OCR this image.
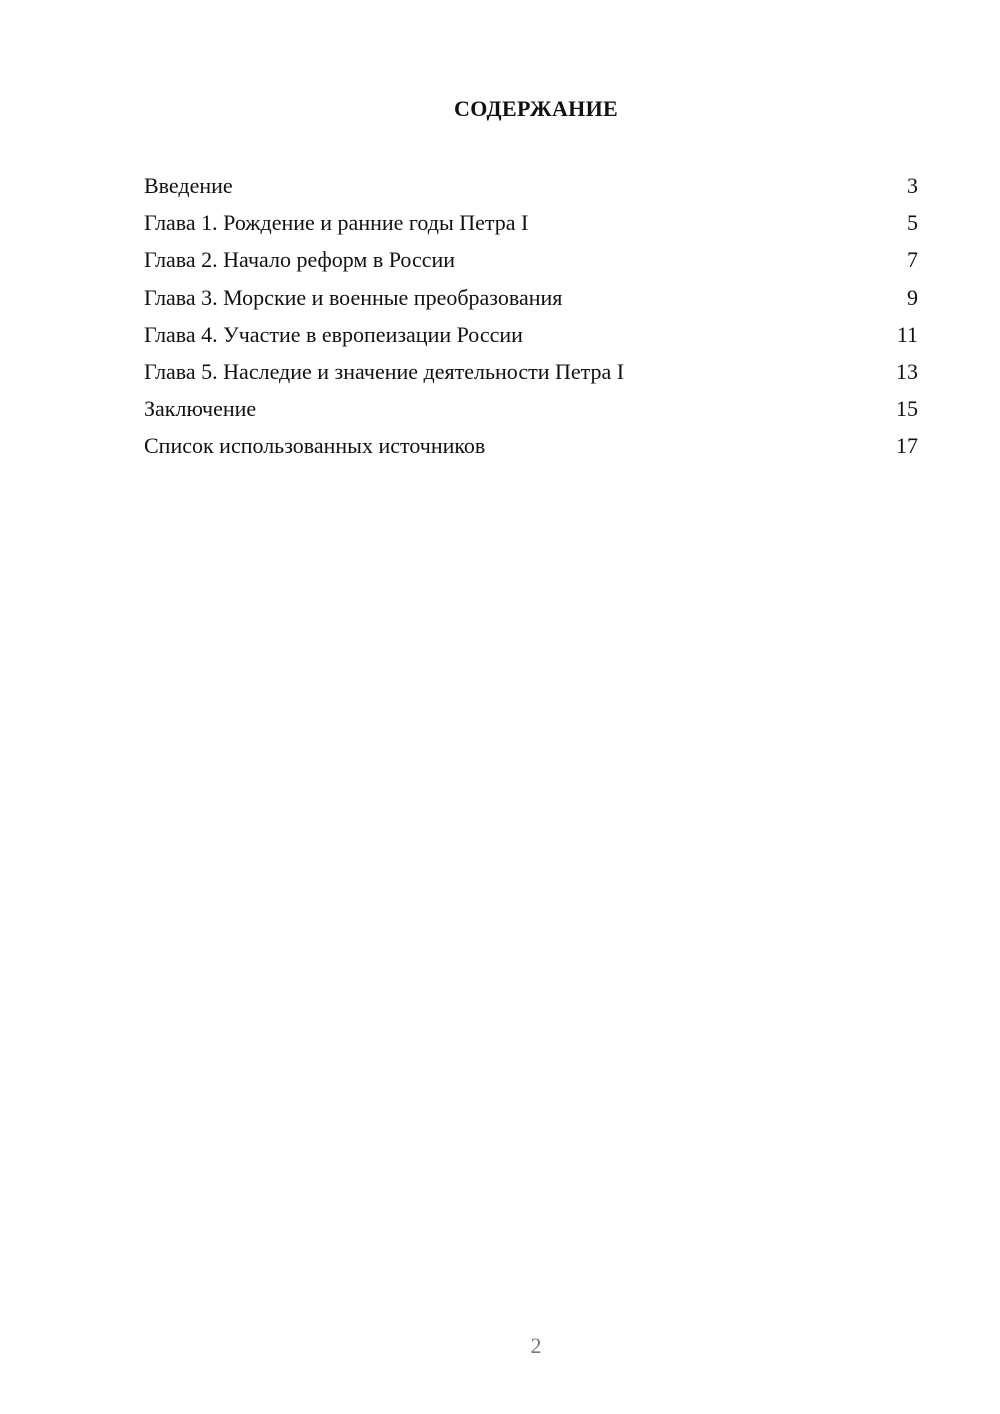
СОДЕРЖАНИЕ
Введение	3
Глава 1. Рождение и ранние годы Петра I	5
Глава 2. Начало реформ в России	7
Глава 3. Морские и военные преобразования	9
Глава 4. Участие в европеизации России	11
Глава 5. Наследие и значение деятельности Петра I	13
Заключение	15
Список использованных источников	17
2
